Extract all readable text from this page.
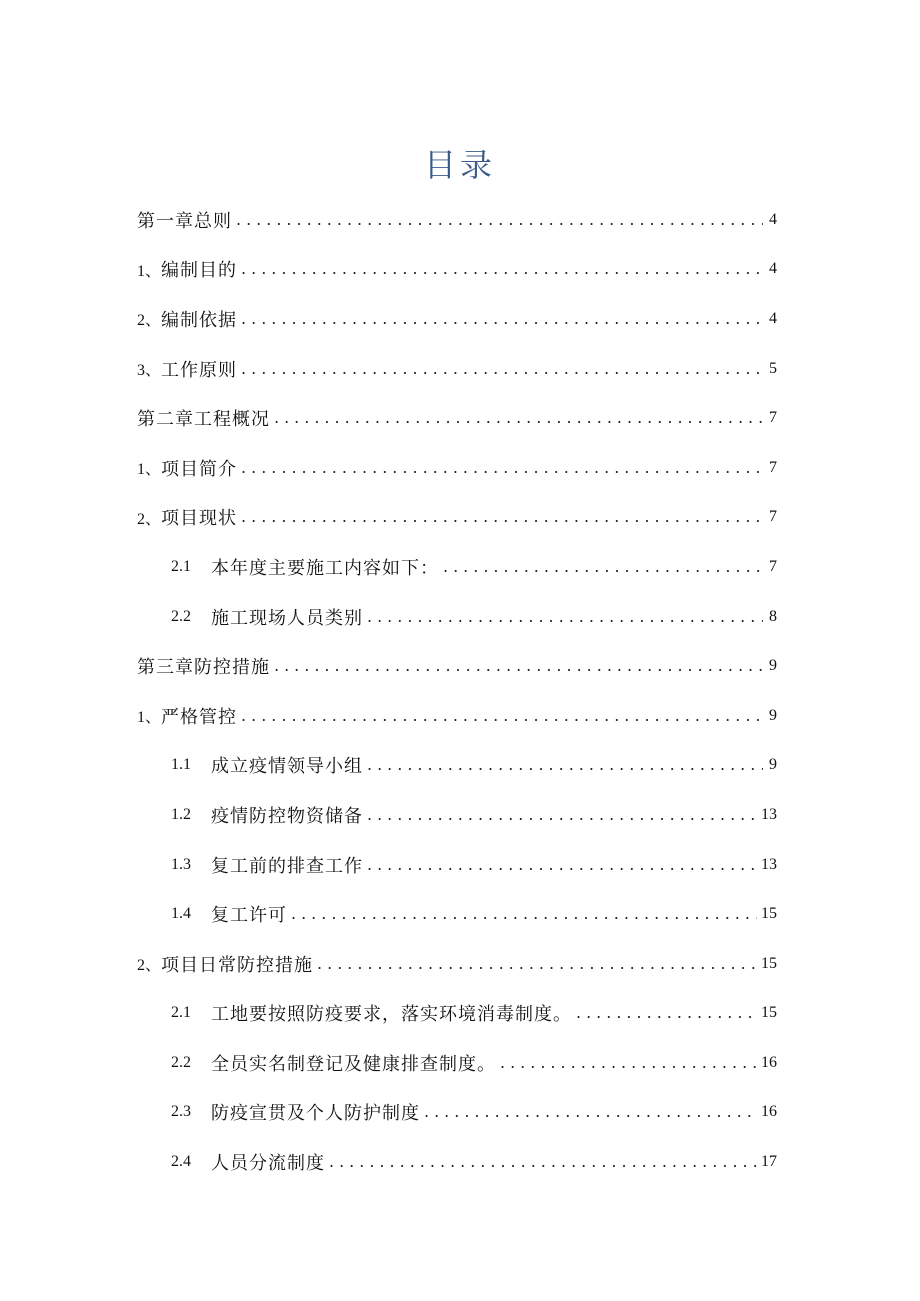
目录
第一章总则 .....	4
1、 编制目的 .....	4
2、 编制依据 .....	4
3、 工作原则 .....	5
第二章工程概况 .....	7
1、 项目简介 .....	7
2、 项目现状 .....	7
2.1	本年度主要施工内容如下： .....	7
2.2	施工现场人员类别 .....	8
第三章防控措施 .....	9
1、 严格管控 .....	9
1.1	成立疫情领导小组 .....	9
1.2	疫情防控物资储备 .....	13
1.3	复工前的排查工作 .....	13
1.4	复工许可 .....	15
2、 项目日常防控措施 .....	15
2.1	工地要按照防疫要求，落实环境消毒制度。 .....	15
2.2	全员实名制登记及健康排查制度。 .....	16
2.3	防疫宣贯及个人防护制度 .....	16
2.4	人员分流制度 .....	17
